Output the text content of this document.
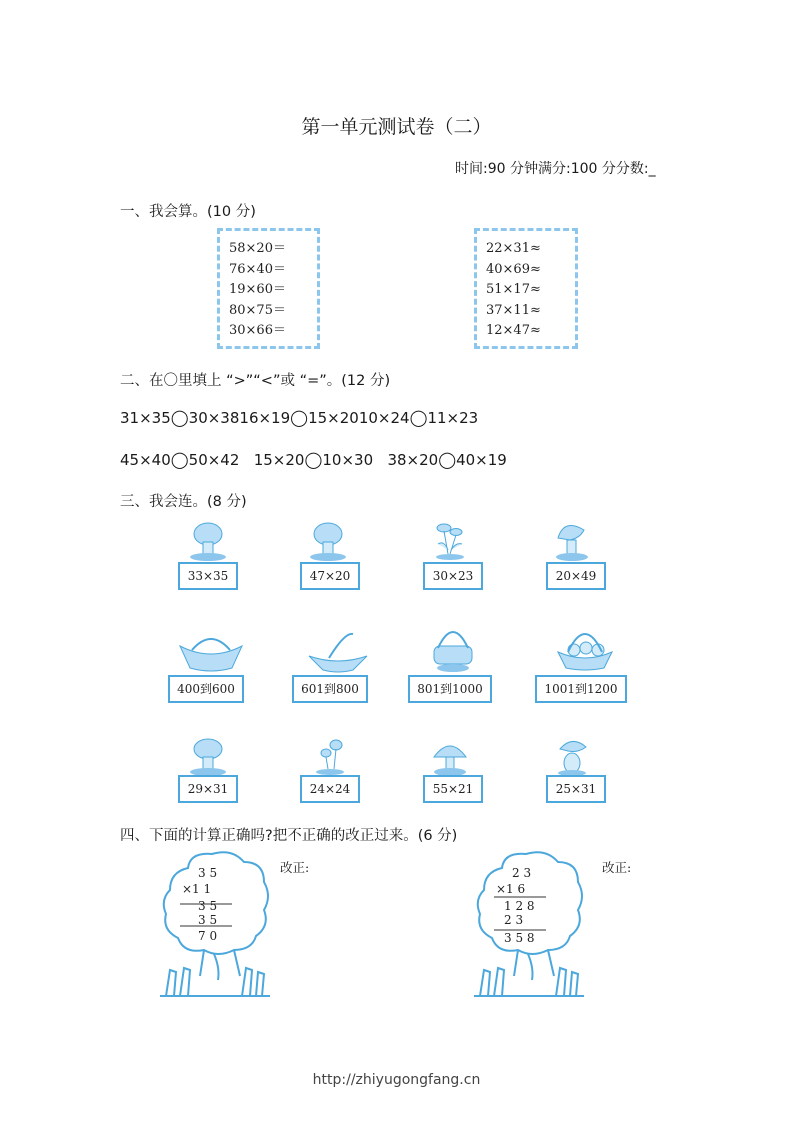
第一单元测试卷（二）
时间:90 分钟满分:100 分分数:_
一、我会算。(10 分)
58×20＝
76×40＝
19×60＝
80×75＝
30×66＝
22×31≈
40×69≈
51×17≈
37×11≈
12×47≈
二、在〇里填上 “>”“<”或 “=”。(12 分)
31×35◯30×3816×19◯15×2010×24◯11×23
45×40◯50×42 15×20◯10×30 38×20◯40×19
三、我会连。(8 分)
33×35	47×20	30×23	20×49
400到600	601到800	801到1000	1001到1200
29×31	24×24	55×21	25×31
四、下面的计算正确吗?把不正确的改正过来。(6 分)
3 5
×1 1
3 5
3 5
7 0
改正:	2 3
×1 6
1 2 8
2 3
3 5 8
改正:
http://zhiyugongfang.cn
